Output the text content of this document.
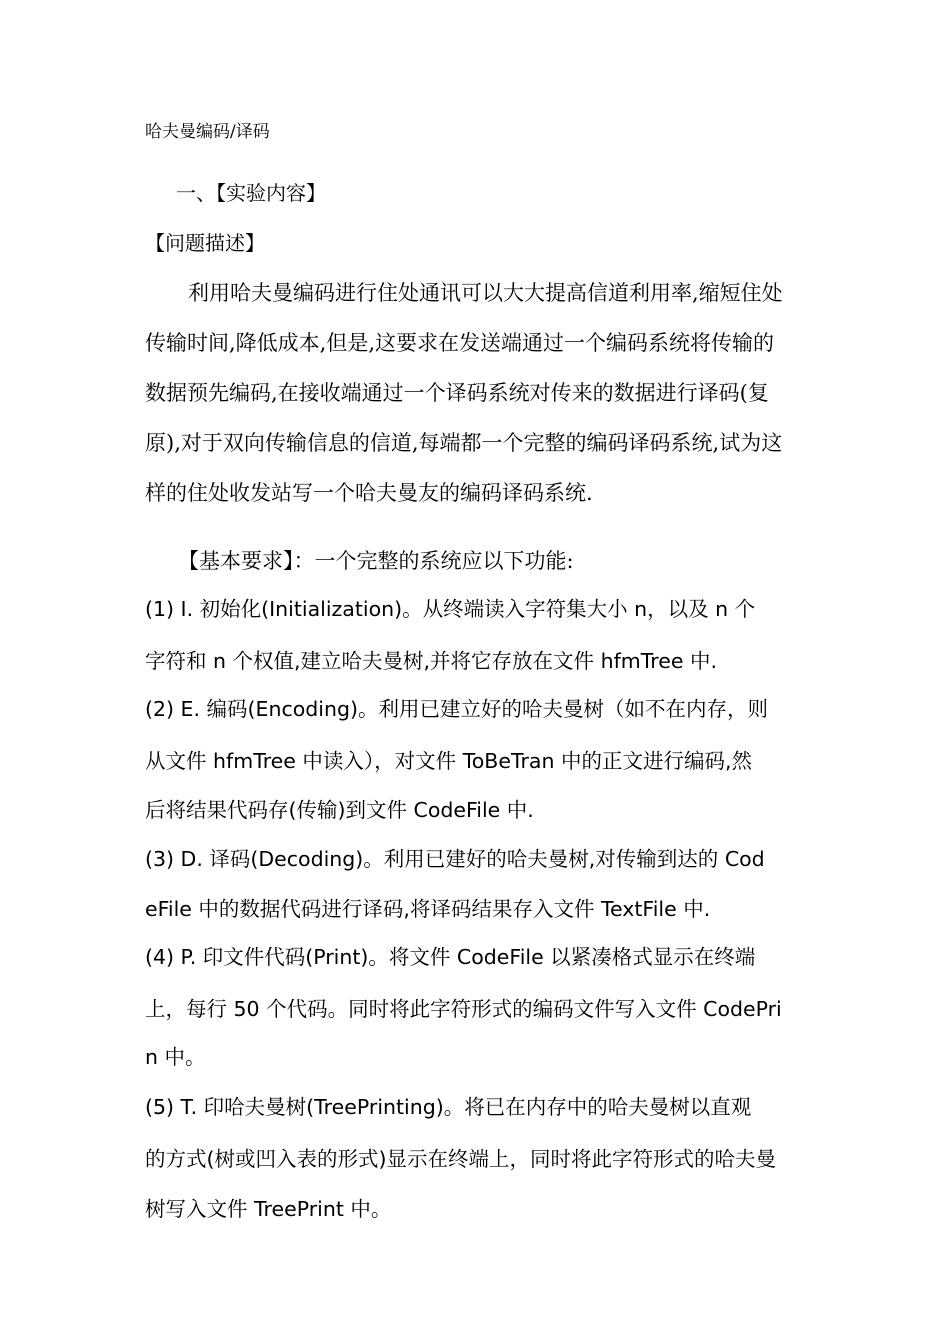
哈夫曼编码/译码
一、【实验内容】
【问题描述】
利用哈夫曼编码进行住处通讯可以大大提高信道利用率,缩短住处
传输时间,降低成本,但是,这要求在发送端通过一个编码系统将传输的
数据预先编码,在接收端通过一个译码系统对传来的数据进行译码(复
原),对于双向传输信息的信道,每端都一个完整的编码译码系统,试为这
样的住处收发站写一个哈夫曼友的编码译码系统.
【基本要求】：一个完整的系统应以下功能:
(1) I. 初始化(Initialization)。从终端读入字符集大小 n，以及 n 个
字符和 n 个权值,建立哈夫曼树,并将它存放在文件 hfmTree 中.
(2) E. 编码(Encoding)。利用已建立好的哈夫曼树（如不在内存，则
从文件 hfmTree 中读入），对文件 ToBeTran 中的正文进行编码,然
后将结果代码存(传输)到文件 CodeFile 中.
(3) D. 译码(Decoding)。利用已建好的哈夫曼树,对传输到达的 Cod
eFile 中的数据代码进行译码,将译码结果存入文件 TextFile 中.
(4) P. 印文件代码(Print)。将文件 CodeFile 以紧凑格式显示在终端
上，每行 50 个代码。同时将此字符形式的编码文件写入文件 CodePri
n 中。
(5) T. 印哈夫曼树(TreePrinting)。将已在内存中的哈夫曼树以直观
的方式(树或凹入表的形式)显示在终端上，同时将此字符形式的哈夫曼
树写入文件 TreePrint 中。
